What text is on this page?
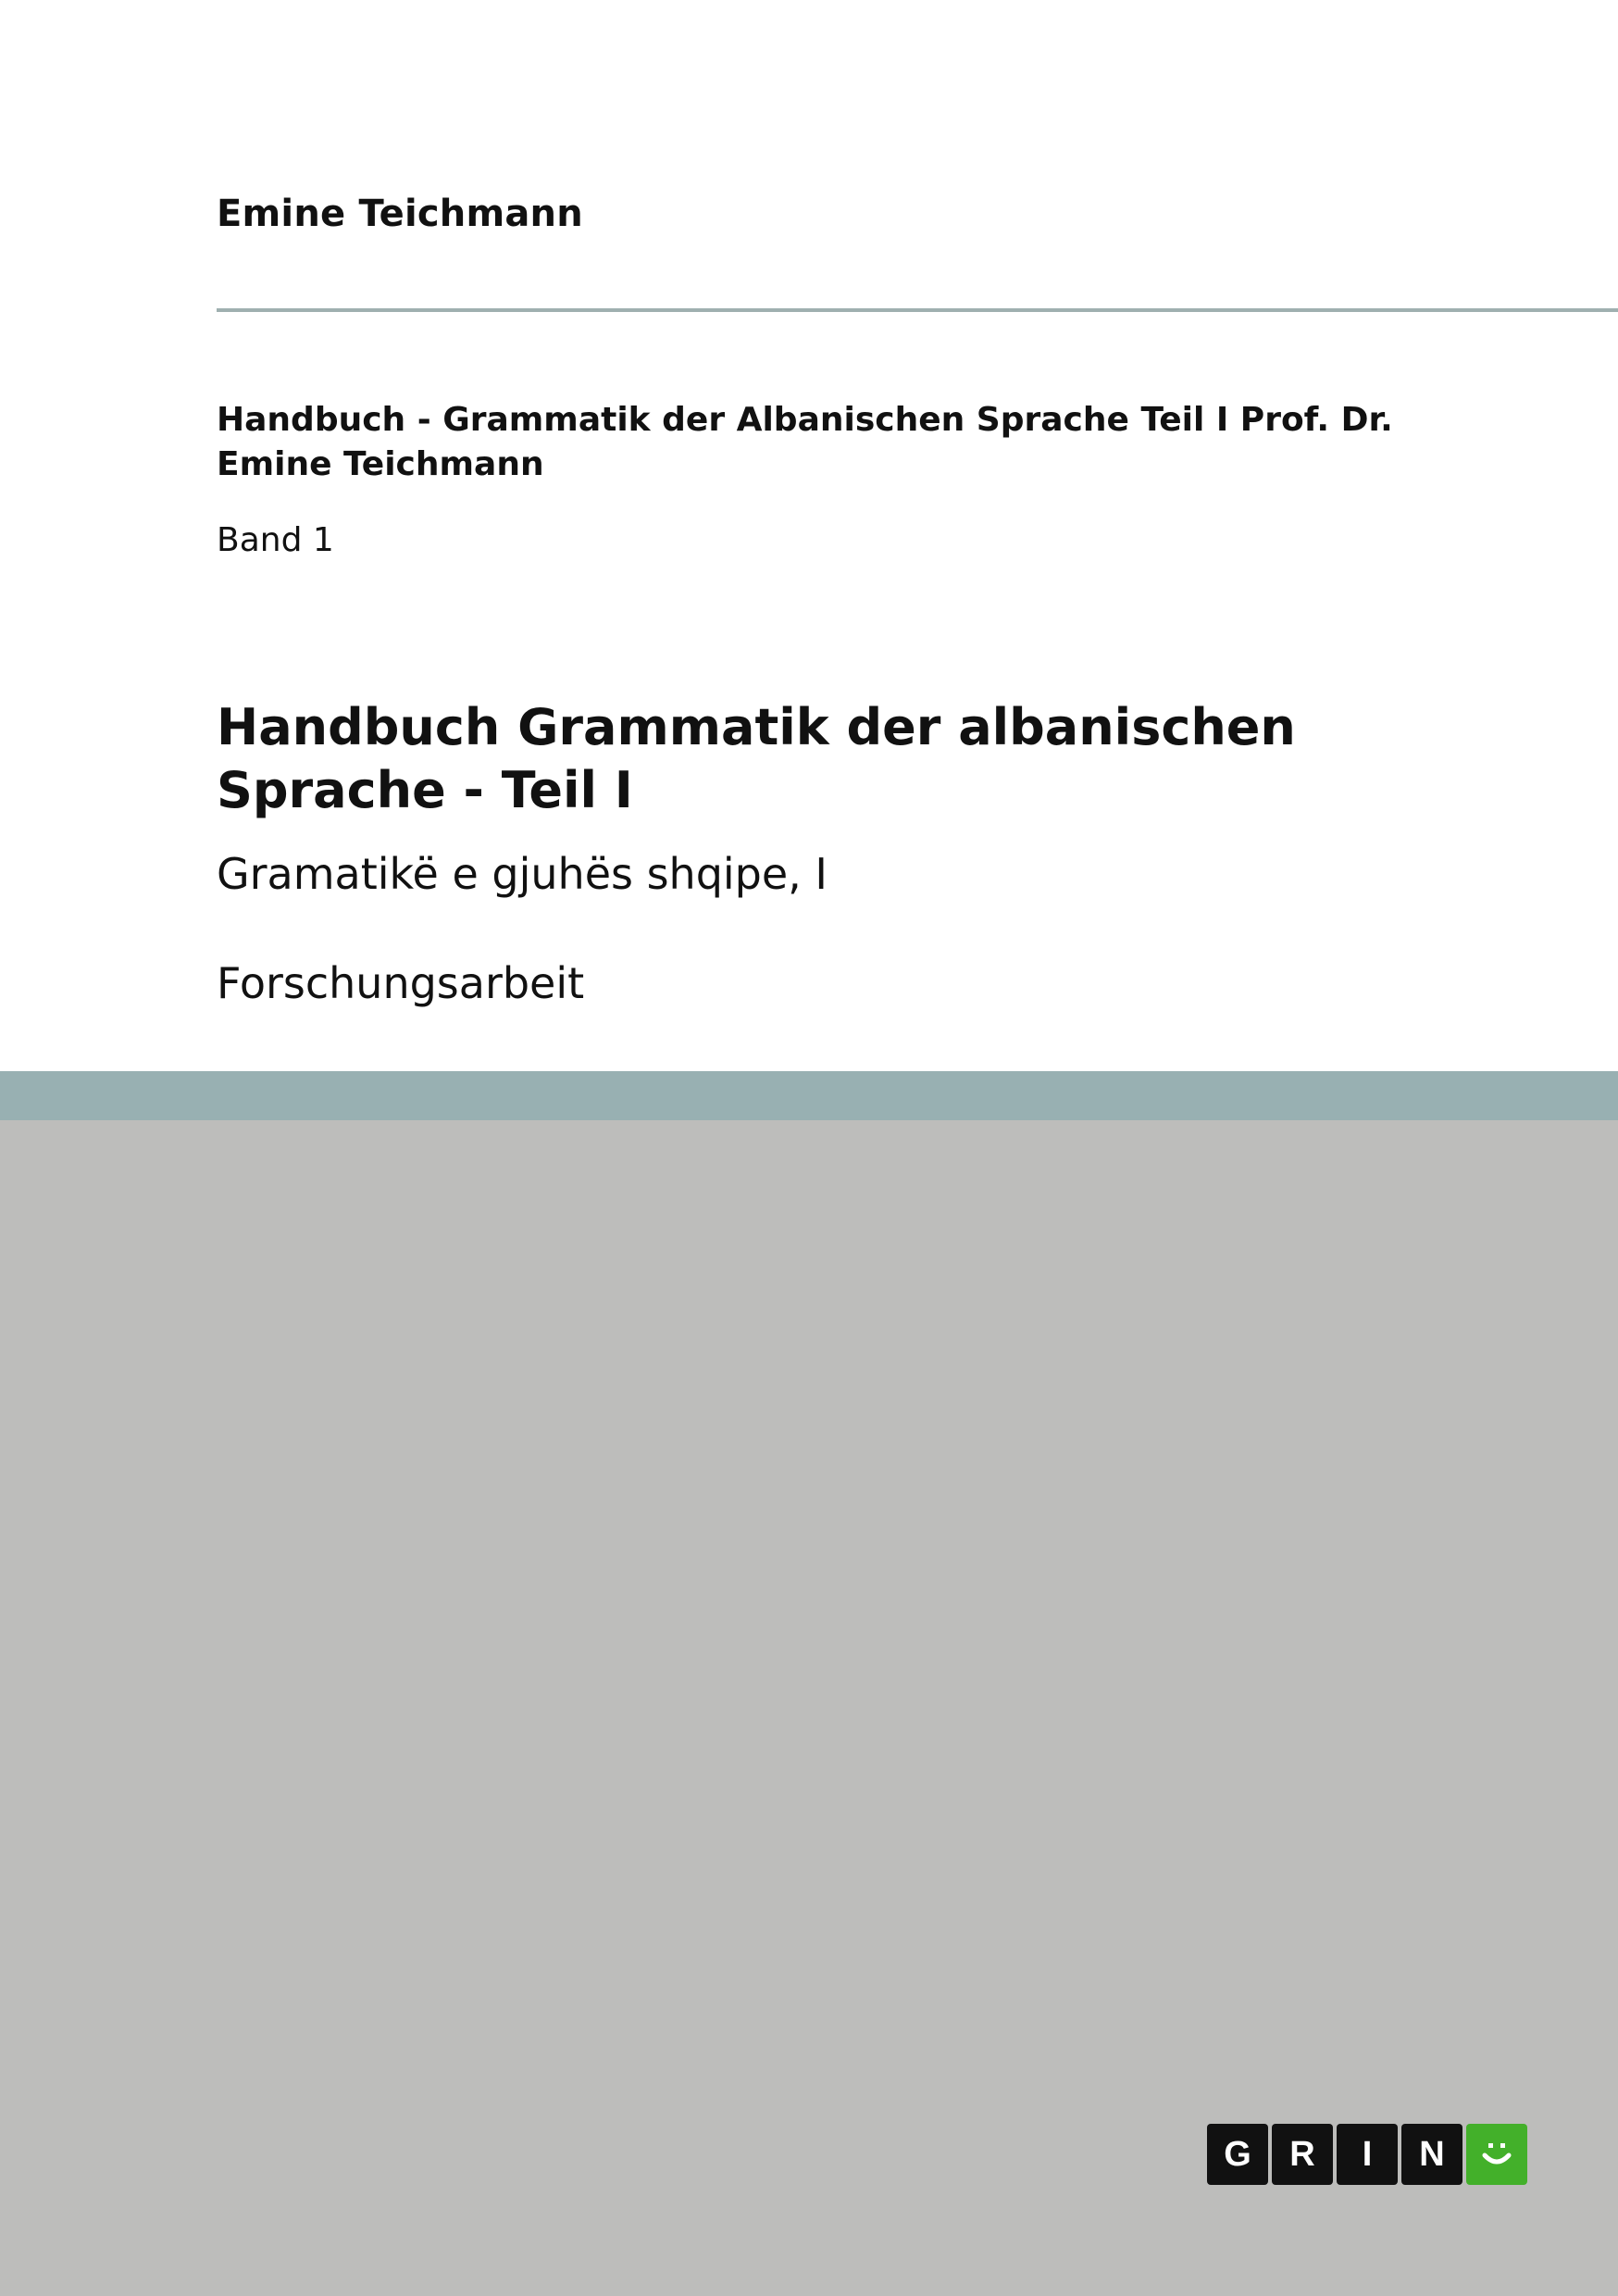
Emine Teichmann
Handbuch - Grammatik der Albanischen Sprache Teil I Prof. Dr.
Emine Teichmann
Band 1
Handbuch Grammatik der albanischen
Sprache - Teil I
Gramatikë e gjuhës shqipe, I
Forschungsarbeit
G	R	I	N
